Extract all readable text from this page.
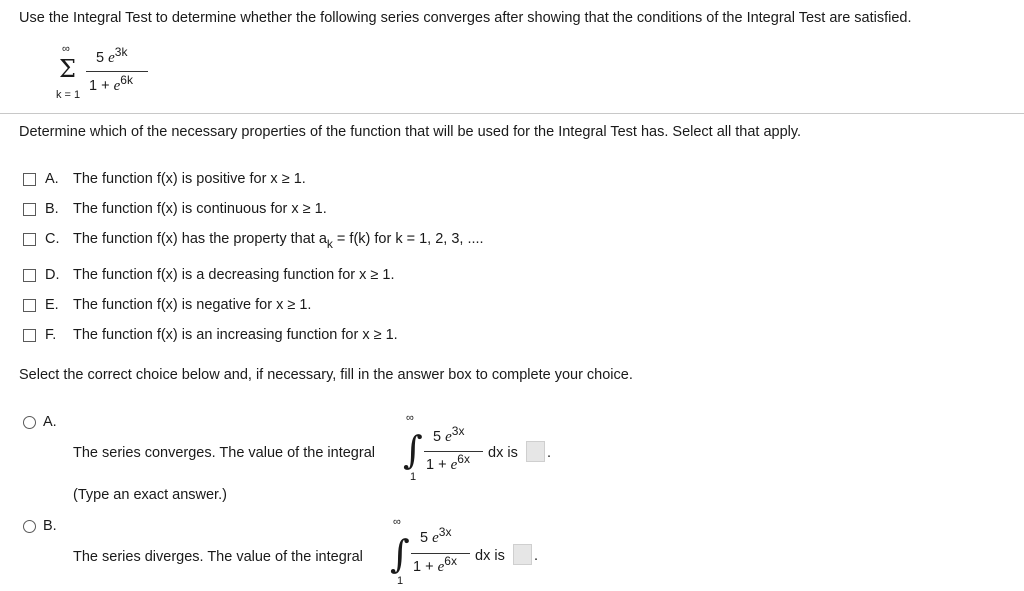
Use the Integral Test to determine whether the following series converges after showing that the conditions of the Integral Test are satisfied.
∞
Σ
k = 1
5 $e^{3k}$
$1 + e^{6k}$
Determine which of the necessary properties of the function that will be used for the Integral Test has. Select all that apply.
A. The function f(x) is positive for x ≥ 1.
B. The function f(x) is continuous for x ≥ 1.
C. The function f(x) has the property that $a_k = f(k)$ for k = 1, 2, 3, ....
D. The function f(x) is a decreasing function for x ≥ 1.
E. The function f(x) is negative for x ≥ 1.
F. The function f(x) is an increasing function for x ≥ 1.
Select the correct choice below and, if necessary, fill in the answer box to complete your choice.
A.
The series converges. The value of the integral
∞
∫
1
5 $e^{3x}$
$1 + e^{6x}$ dx is .
(Type an exact answer.)
B.
The series diverges. The value of the integral
∞
∫
1
5 $e^{3x}$
$1 + e^{6x}$ dx is .
